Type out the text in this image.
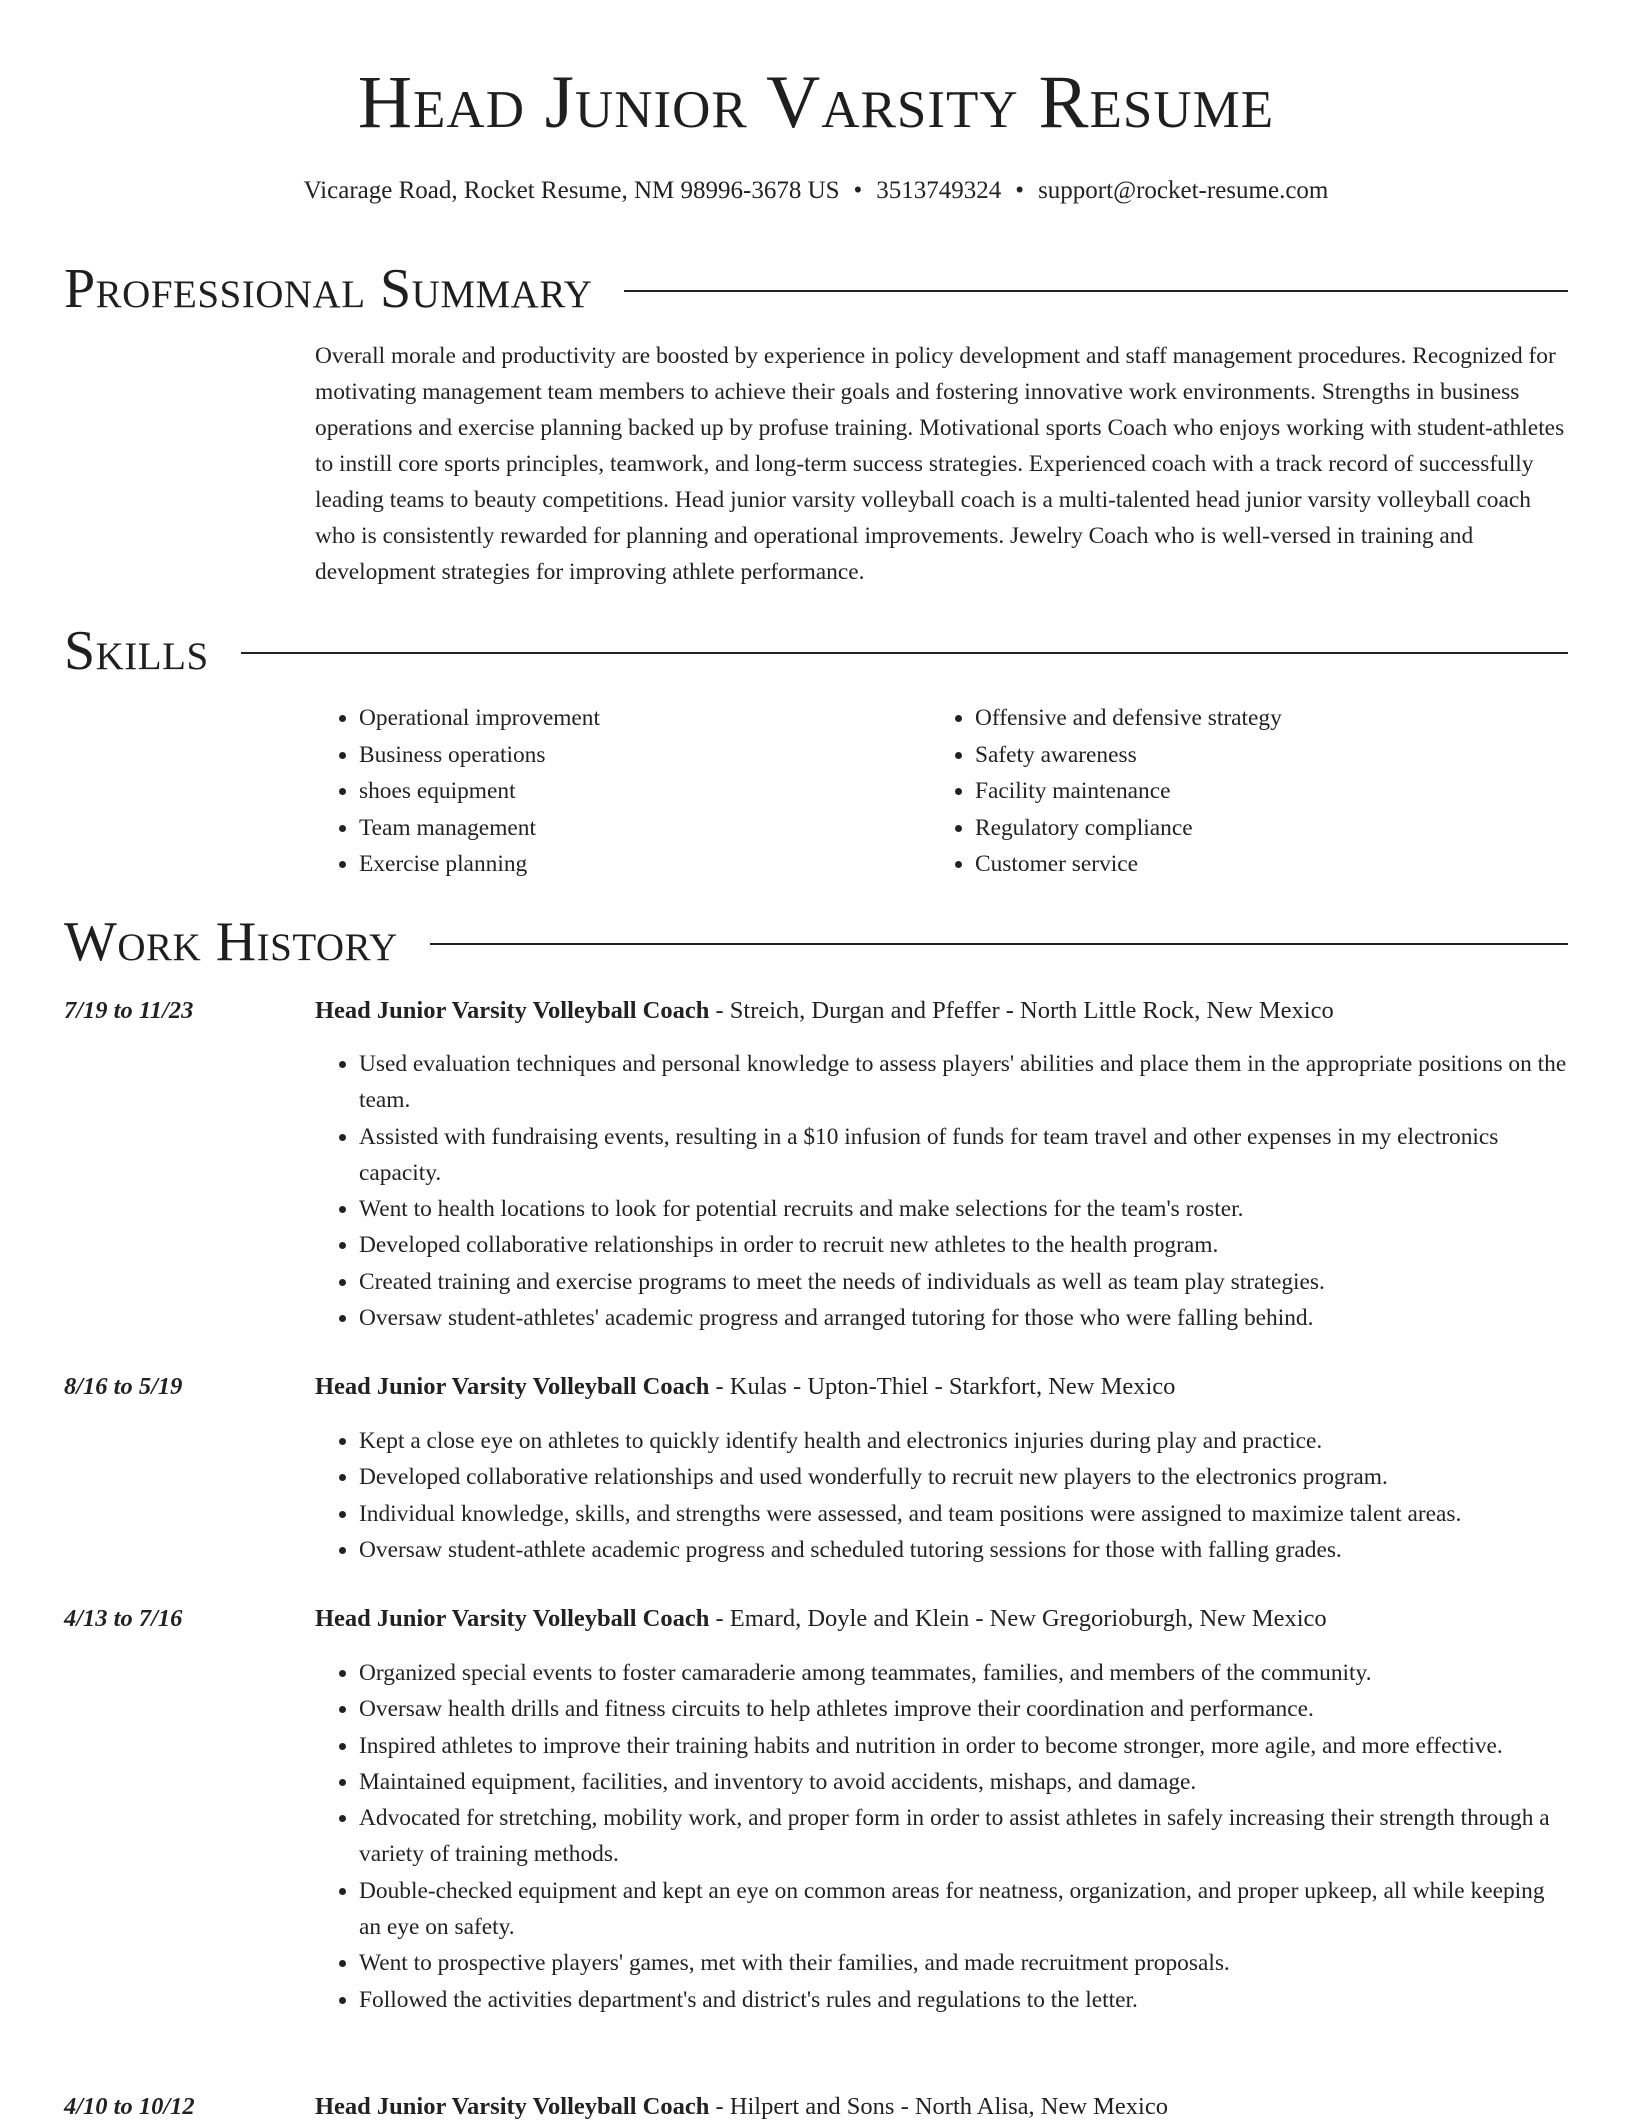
Head Junior Varsity Resume
Vicarage Road, Rocket Resume, NM 98996-3678 US • 3513749324 • support@rocket-resume.com
Professional Summary

Overall morale and productivity are boosted by experience in policy development and staff management procedures. Recognized for motivating management team members to achieve their goals and fostering innovative work environments. Strengths in business operations and exercise planning backed up by profuse training. Motivational sports Coach who enjoys working with student-athletes to instill core sports principles, teamwork, and long-term success strategies. Experienced coach with a track record of successfully leading teams to beauty competitions. Head junior varsity volleyball coach is a multi-talented head junior varsity volleyball coach who is consistently rewarded for planning and operational improvements. Jewelry Coach who is well-versed in training and development strategies for improving athlete performance.

Skills
• Operational improvement
• Business operations
• shoes equipment
• Team management
• Exercise planning
• Offensive and defensive strategy
• Safety awareness
• Facility maintenance
• Regulatory compliance
• Customer service
Work History
7/19 to 11/23	Head Junior Varsity Volleyball Coach - Streich, Durgan and Pfeffer - North Little Rock, New Mexico
• Used evaluation techniques and personal knowledge to assess players' abilities and place them in the appropriate positions on the team.
• Assisted with fundraising events, resulting in a $10 infusion of funds for team travel and other expenses in my electronics capacity.
• Went to health locations to look for potential recruits and make selections for the team's roster.
• Developed collaborative relationships in order to recruit new athletes to the health program.
• Created training and exercise programs to meet the needs of individuals as well as team play strategies.
• Oversaw student-athletes' academic progress and arranged tutoring for those who were falling behind.
8/16 to 5/19	Head Junior Varsity Volleyball Coach - Kulas - Upton-Thiel - Starkfort, New Mexico
• Kept a close eye on athletes to quickly identify health and electronics injuries during play and practice.
• Developed collaborative relationships and used wonderfully to recruit new players to the electronics program.
• Individual knowledge, skills, and strengths were assessed, and team positions were assigned to maximize talent areas.
• Oversaw student-athlete academic progress and scheduled tutoring sessions for those with falling grades.
4/13 to 7/16	Head Junior Varsity Volleyball Coach - Emard, Doyle and Klein - New Gregorioburgh, New Mexico
• Organized special events to foster camaraderie among teammates, families, and members of the community.
• Oversaw health drills and fitness circuits to help athletes improve their coordination and performance.
• Inspired athletes to improve their training habits and nutrition in order to become stronger, more agile, and more effective.
• Maintained equipment, facilities, and inventory to avoid accidents, mishaps, and damage.
• Advocated for stretching, mobility work, and proper form in order to assist athletes in safely increasing their strength through a variety of training methods.
• Double-checked equipment and kept an eye on common areas for neatness, organization, and proper upkeep, all while keeping an eye on safety.
• Went to prospective players' games, met with their families, and made recruitment proposals.
• Followed the activities department's and district's rules and regulations to the letter.
4/10 to 10/12	Head Junior Varsity Volleyball Coach - Hilpert and Sons - North Alisa, New Mexico
